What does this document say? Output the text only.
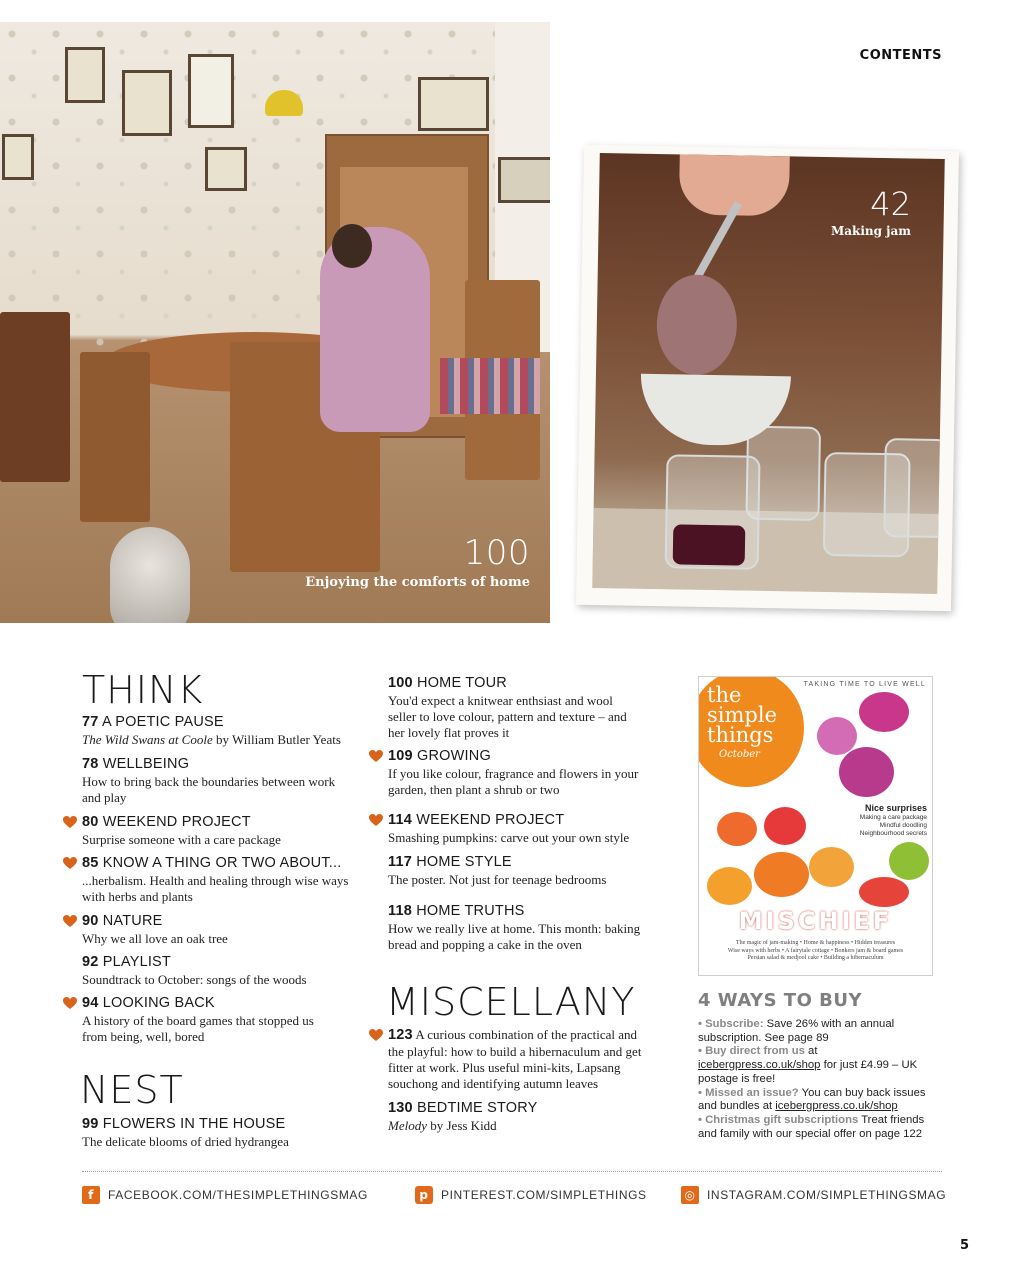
CONTENTS
100
Enjoying the comforts of home
42
Making jam
THINK
77 A POETIC PAUSE
The Wild Swans at Coole by William Butler Yeats
78 WELLBEING
How to bring back the boundaries between work and play
80 WEEKEND PROJECT
Surprise someone with a care package
85 KNOW A THING OR TWO ABOUT...
...herbalism. Health and healing through wise ways with herbs and plants
90 NATURE
Why we all love an oak tree
92 PLAYLIST
Soundtrack to October: songs of the woods
94 LOOKING BACK
A history of the board games that stopped us from being, well, bored
NEST
99 FLOWERS IN THE HOUSE
The delicate blooms of dried hydrangea
100 HOME TOUR
You'd expect a knitwear enthsiast and wool seller to love colour, pattern and texture – and her lovely flat proves it
109 GROWING
If you like colour, fragrance and flowers in your garden, then plant a shrub or two
114 WEEKEND PROJECT
Smashing pumpkins: carve out your own style
117 HOME STYLE
The poster. Not just for teenage bedrooms
118 HOME TRUTHS
How we really live at home. This month: baking bread and popping a cake in the oven
MISCELLANY
123 A curious combination of the practical and the playful: how to build a hibernaculum and get fitter at work. Plus useful mini-kits, Lapsang souchong and identifying autumn leaves
130 BEDTIME STORY
Melody by Jess Kidd
TAKING TIME TO LIVE WELL
the simple things
October
Nice surprises
Making a care package
Mindful doodling
Neighbourhood secrets
MISCHIEF
The magic of jam-making • Home & happiness • Hidden treasures
Wise ways with herbs • A fairytale cottage • Bonkers jam & board games
Persian salad & medjool cake • Building a hibernaculum
4 WAYS TO BUY

• Subscribe: Save 26% with an annual subscription. See page 89

• Buy direct from us at icebergpress.co.uk/shop for just £4.99 – UK postage is free!

• Missed an issue? You can buy back issues and bundles at icebergpress.co.uk/shop

• Christmas gift subscriptions Treat friends and family with our special offer on page 122

f	FACEBOOK.COM/THESIMPLETHINGSMAG	p	PINTEREST.COM/SIMPLETHINGS	◎ INSTAGRAM.COM/SIMPLETHINGSMAG
5
